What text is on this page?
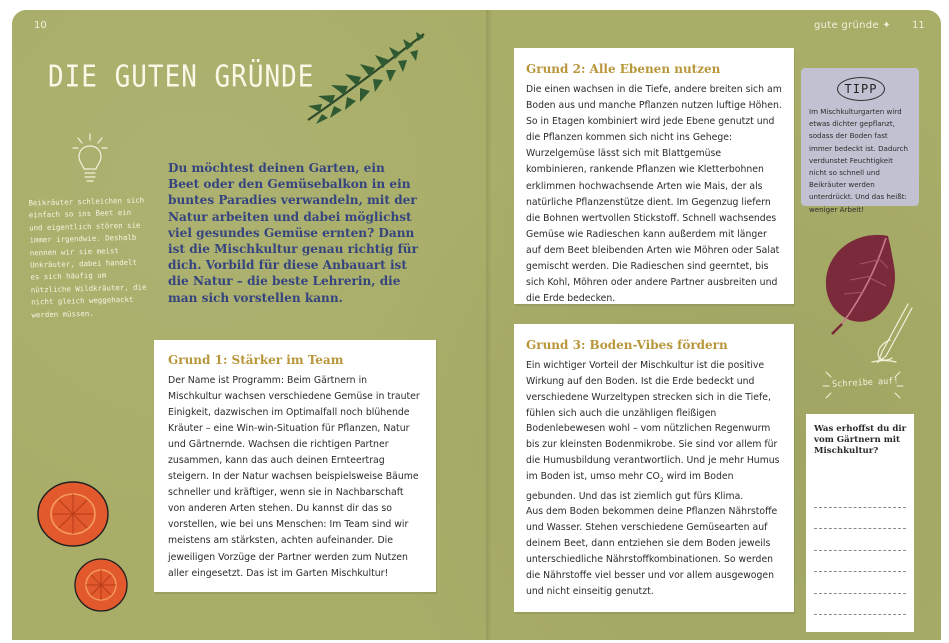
10	gute gründe ✦ 11
DIE GUTEN GRÜNDE
Beikräuter schleichen sich einfach so ins Beet ein und eigentlich stören sie immer irgendwie. Deshalb nennen wir sie meist Unkräuter, dabei handelt es sich häufig um nützliche Wildkräuter, die nicht gleich weggehackt werden müssen.
Du möchtest deinen Garten, ein Beet oder den Gemüsebalkon in ein buntes Paradies verwandeln, mit der Natur arbeiten und dabei möglichst viel gesundes Gemüse ernten? Dann ist die Mischkultur genau richtig für dich. Vorbild für diese Anbauart ist die Natur – die beste Lehrerin, die man sich vorstellen kann.
Grund 1: Stärker im Team

Der Name ist Programm: Beim Gärtnern in Mischkultur wachsen verschiedene Gemüse in trauter Einigkeit, dazwischen im Optimalfall noch blühende Kräuter – eine Win-win-Situation für Pflanzen, Natur und Gärtnernde. Wachsen die richtigen Partner zusammen, kann das auch deinen Ernteertrag steigern. In der Natur wachsen beispielsweise Bäume schneller und kräftiger, wenn sie in Nachbarschaft von anderen Arten stehen. Du kannst dir das so vorstellen, wie bei uns Menschen: Im Team sind wir meistens am stärksten, achten aufeinander. Die jeweiligen Vorzüge der Partner werden zum Nutzen aller eingesetzt. Das ist im Garten Mischkultur!

Grund 2: Alle Ebenen nutzen

Die einen wachsen in die Tiefe, andere breiten sich am Boden aus und manche Pflanzen nutzen luftige Höhen. So in Etagen kombiniert wird jede Ebene genutzt und die Pflanzen kommen sich nicht ins Gehege: Wurzelgemüse lässt sich mit Blattgemüse kombinieren, rankende Pflanzen wie Kletterbohnen erklimmen hochwachsende Arten wie Mais, der als natürliche Pflanzenstütze dient. Im Gegenzug liefern die Bohnen wertvollen Stickstoff. Schnell wachsendes Gemüse wie Radieschen kann außerdem mit länger auf dem Beet bleibenden Arten wie Möhren oder Salat gemischt werden. Die Radieschen sind geerntet, bis sich Kohl, Möhren oder andere Partner ausbreiten und die Erde bedecken.

Grund 3: Boden-Vibes fördern

Ein wichtiger Vorteil der Mischkultur ist die positive Wirkung auf den Boden. Ist die Erde bedeckt und verschiedene Wurzeltypen strecken sich in die Tiefe, fühlen sich auch die unzähligen fleißigen Bodenlebewesen wohl – vom nützlichen Regenwurm bis zur kleinsten Bodenmikrobe. Sie sind vor allem für die Humusbildung verantwortlich. Und je mehr Humus im Boden ist, umso mehr $CO_2$ wird im Boden gebunden. Und das ist ziemlich gut fürs Klima.
Aus dem Boden bekommen deine Pflanzen Nährstoffe und Wasser. Stehen verschiedene Gemüsearten auf deinem Beet, dann entziehen sie dem Boden jeweils unterschiedliche Nährstoffkombinationen. So werden die Nährstoffe viel besser und vor allem ausgewogen und nicht einseitig genutzt.

TIPP
Im Mischkulturgarten wird etwas dichter gepflanzt, sodass der Boden fast immer bedeckt ist. Dadurch verdunstet Feuchtigkeit nicht so schnell und Beikräuter werden unterdrückt. Und das heißt: weniger Arbeit!
Schreibe auf!
Was erhoffst du dir vom Gärtnern mit Mischkultur?
